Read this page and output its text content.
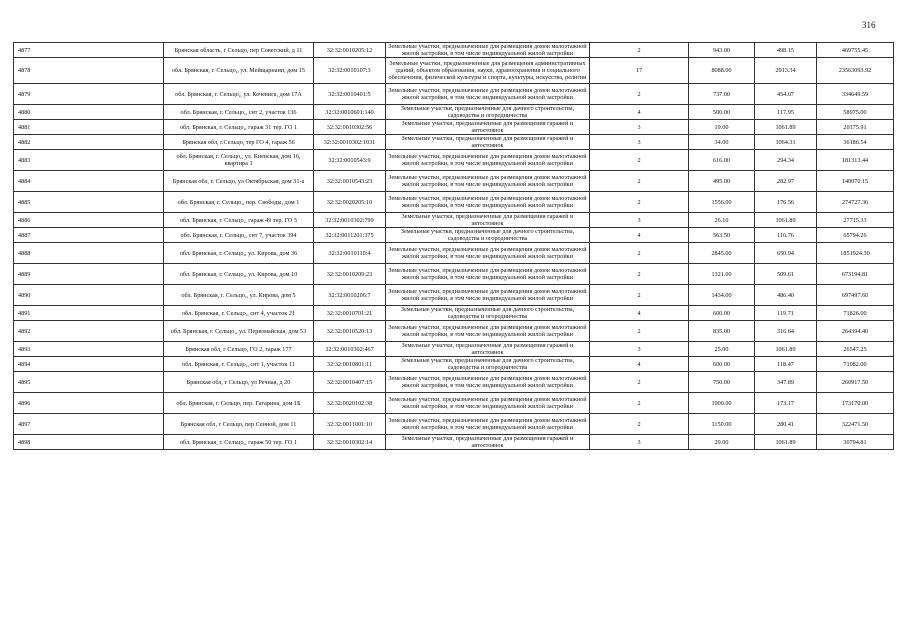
316
4877	Брянская область, г Сельцо, пер Советский, д 11	32:32:0010205:12	Земельные участки, предназначенные для размещения домов малоэтажной жилой застройки, в том числе индивидуальной жилой застройки	2	943.00	498.15	469755.45
4878	обл. Брянская, г. Сельцо,, ул. Мейщарнани, дом 15	32:32:0010107:3	Земельные участки, предназначенные для размещения административных зданий, объектов образования, науки, здравоохранения и социального обеспечения, физической культуры и спорта, культуры, искусства, религии	17	8088.00	2913.34	23563093.92
4879	обл. Брянская, г. Сельцо,, ул. Кочевига, дом 17А	32:32:0010401:5	Земельные участки, предназначенные для размещения домов малоэтажной жилой застройки, в том числе индивидуальной жилой застройки	2	737.00	454.07	334649.59
4880	обл. Брянская, г. Сельцо,, снт 2, участок 136	32:32:0010601:140	Земельные участки, предназначенные для дачного строительства, садоводства и огородничества	4	500.00	117.95	58975.00
4881	обл. Брянская, г. Сельцо,, гараж 31 тер. ГО 1	32:32:0010302:56	Земельные участки, предназначенные для размещения гаражей и автостоянок	3	19.00	1061.89	20175.91
4882	Брянская обл, г.Сельцо, тер ГО 4, гараж 56	32:32:0010302:1031	Земельные участки, предназначенные для размещения гаражей и автостоянок	3	34.00	1064.31	36186.54
4883	обл. Брянская, г. Сельцо,, ул. Киевская, дом 16, квартира 1	32:32:0010543:9	Земельные участки, предназначенные для размещения домов малоэтажной жилой застройки, в том числе индивидуальной жилой застройки	2	616.00	294.34	181313.44
4884	Брянская обл, г. Сельцо, ул Октябрьская, дом 31-а	32:32:0010543:23	Земельные участки, предназначенные для размещения домов малоэтажной жилой застройки, в том числе индивидуальной жилой застройки	2	495.00	282.97	140070.15
4885	обл. Брянская, г. Сельцо,, пер. Свободы, дом 1	32:32:0020205:10	Земельные участки, предназначенные для размещения домов малоэтажной жилой застройки, в том числе индивидуальной жилой застройки	2	1556.00	176.56	274727.36
4886	обл. Брянская, г. Сельцо,, гараж 49 тер. ГО 5	32:32:0010302:799	Земельные участки, предназначенные для размещения гаражей и автостоянок	3	26.10	1061.89	27715.33
4887	обл. Брянская, г. Сельцо,, снт 7, участок 394	32:32:0011201:375	Земельные участки, предназначенные для дачного строительства, садоводства и огородничества	4	563.50	116.76	65794.26
4888	обл. Брянская, г. Сельцо,, ул. Кирова, дом 36	32:32:0010110:4	Земельные участки, предназначенные для размещения домов малоэтажной жилой застройки, в том числе индивидуальной жилой застройки	2	2845.00	650.94	1851924.30
4889	обл. Брянская, г. Сельцо,, ул. Кирова, дом 10	32:32:0010209:23	Земельные участки, предназначенные для размещения домов малоэтажной жилой застройки, в том числе индивидуальной жилой застройки	2	1321.00	509.61	673194.81
4890	обл. Брянская, г. Сельцо,, ул. Кирова, дом 5	32:32:0010206:7	Земельные участки, предназначенные для размещения домов малоэтажной жилой застройки, в том числе индивидуальной жилой застройки	2	1434.00	486.40	697497.60
4891	обл. Брянская, г. Сельцо,, снт 4, участок 21	32:32:0010701:21	Земельные участки, предназначенные для дачного строительства, садоводства и огородничества	4	600.00	119.71	71826.00
4892	обл. Брянская, г. Сельцо,, ул. Первомайская, дом 53	32:32:0010520:13	Земельные участки, предназначенные для размещения домов малоэтажной жилой застройки, в том числе индивидуальной жилой застройки	2	835.00	316.64	264394.40
4893	Брянская обл, г Сельцо, ГО 2, гараж 177	32:32:0010302:467	Земельные участки, предназначенные для размещения гаражей и автостоянок	3	25.00	1061.89	26547.25
4894	обл. Брянская, г. Сельцо,, снт 1, участок 11	32:32:0010801:11	Земельные участки, предназначенные для дачного строительства, садоводства и огородничества	4	600.00	118.47	71082.00
4895	Брянская обл, г Сельцо, ул Речная, д 20	32:32:0010407:15	Земельные участки, предназначенные для размещения домов малоэтажной жилой застройки, в том числе индивидуальной жилой застройки	2	750.00	347.89	260917.50
4896	обл. Брянская, г. Сельцо, пер. Гагарина, дом 1Б	32:32:0020102:38	Земельные участки, предназначенные для размещения домов малоэтажной жилой застройки, в том числе индивидуальной жилой застройки	2	1000.00	173.17	173170.00
4897	Брянская обл, г Сельцо, пер Сенной, дом 11	32:32:0011001:10	Земельные участки, предназначенные для размещения домов малоэтажной жилой застройки, в том числе индивидуальной жилой застройки	2	1150.00	280.41	322471.50
4898	обл. Брянская, г. Сельцо,, гараж 50 тер. ГО 1	32:32:0010302:14	Земельные участки, предназначенные для размещения гаражей и автостоянок	3	29.00	1061.89	30794.81
